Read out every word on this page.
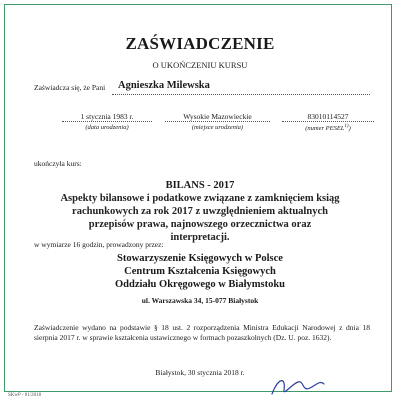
ZAŚWIADCZENIE
O UKOŃCZENIU KURSU
Zaświadcza się, że Pani Agnieszka Milewska
1 stycznia 1983 r.
(data urodzenia)
Wysokie Mazowieckie
(miejsce urodzenia)
83010114527
(numer PESEL$^{1)}$)
ukończyła kurs:
BILANS - 2017
Aspekty bilansowe i podatkowe związane z zamknięciem ksiąg rachunkowych za rok 2017 z uwzględnieniem aktualnych przepisów prawa, najnowszego orzecznictwa oraz interpretacji.
w wymiarze 16 godzin, prowadzony przez:
Stowarzyszenie Księgowych w Polsce
Centrum Kształcenia Księgowych
Oddziału Okręgowego w Białymstoku
ul. Warszawska 34, 15-077 Białystok
Zaświadczenie wydano na podstawie § 18 ust. 2 rozporządzenia Ministra Edukacji Narodowej z dnia 18 sierpnia 2017 r. w sprawie kształcenia ustawicznego w formach pozaszkolnych (Dz. U. poz. 1632).
Białystok, 30 stycznia 2018 r.
SKwP - 01/2018
